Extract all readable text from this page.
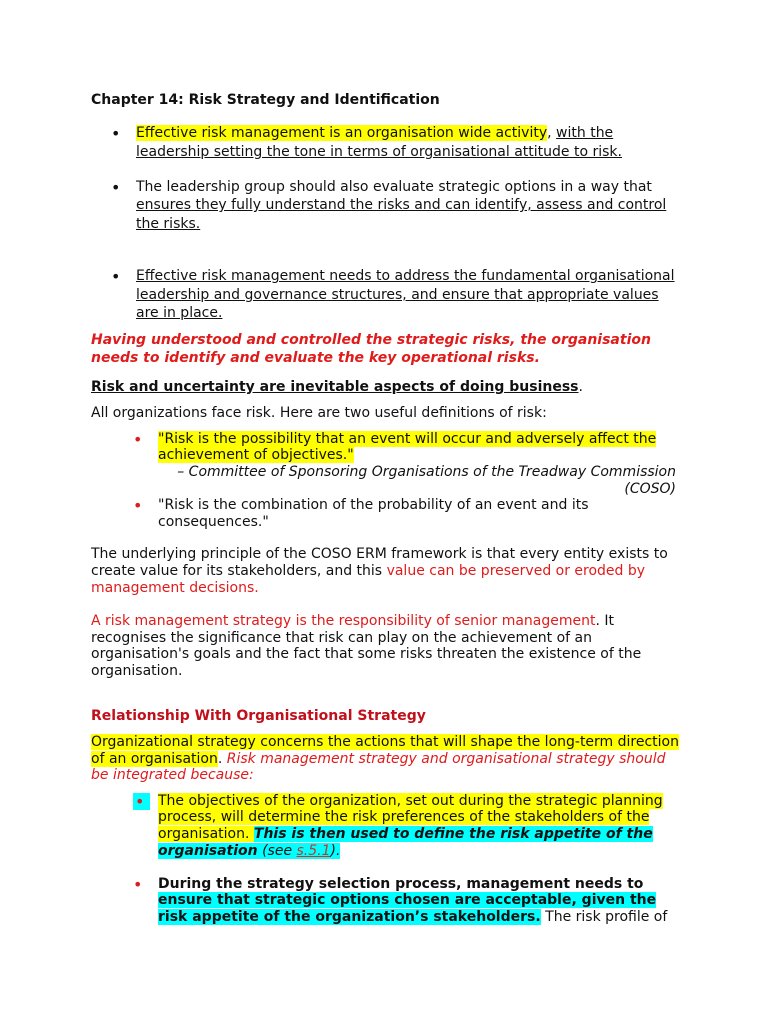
Chapter 14: Risk Strategy and Identification
• Effective risk management is an organisation wide activity, with the
leadership setting the tone in terms of organisational attitude to risk.
• The leadership group should also evaluate strategic options in a way that
ensures they fully understand the risks and can identify, assess and control
the risks.
• Effective risk management needs to address the fundamental organisational
leadership and governance structures, and ensure that appropriate values
are in place.
Having understood and controlled the strategic risks, the organisation
needs to identify and evaluate the key operational risks.
Risk and uncertainty are inevitable aspects of doing business.
All organizations face risk. Here are two useful definitions of risk:
• "Risk is the possibility that an event will occur and adversely affect the
achievement of objectives."
– Committee of Sponsoring Organisations of the Treadway Commission
(COSO)
• "Risk is the combination of the probability of an event and its
consequences."
The underlying principle of the COSO ERM framework is that every entity exists to
create value for its stakeholders, and this value can be preserved or eroded by
management decisions.
A risk management strategy is the responsibility of senior management. It
recognises the significance that risk can play on the achievement of an
organisation's goals and the fact that some risks threaten the existence of the
organisation.
Relationship With Organisational Strategy
Organizational strategy concerns the actions that will shape the long-term direction
of an organisation. Risk management strategy and organisational strategy should
be integrated because:
• The objectives of the organization, set out during the strategic planning
process, will determine the risk preferences of the stakeholders of the
organisation. This is then used to define the risk appetite of the
organisation (see s.5.1).
• During the strategy selection process, management needs to
ensure that strategic options chosen are acceptable, given the
risk appetite of the organization’s stakeholders. The risk profile of
